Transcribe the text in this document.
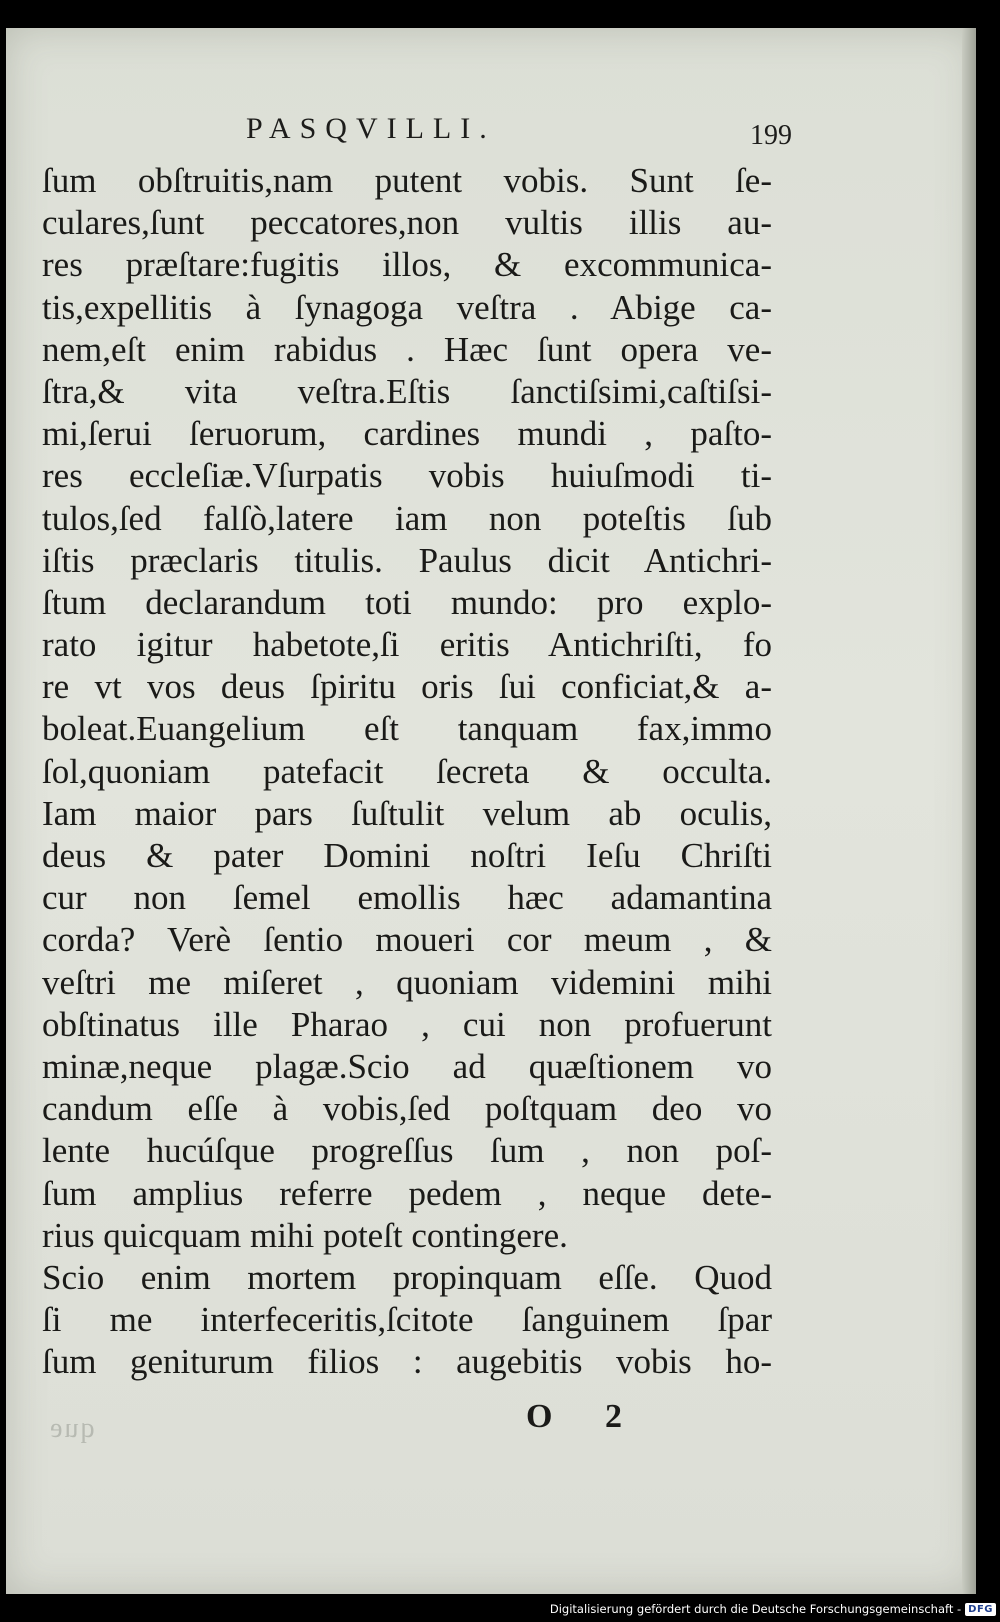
PASQVILLI.	199
ſum obſtruitis,nam putent vobis. Sunt ſe-
culares,ſunt peccatores,non vultis illis au-
res præſtare:fugitis illos, & excommunica-
tis,expellitis à ſynagoga veſtra . Abige ca-
nem,eſt enim rabidus . Hæc ſunt opera ve-
ſtra,& vita veſtra.Eſtis ſanctiſsimi,caſtiſsi-
mi,ſerui ſeruorum, cardines mundi , paſto-
res eccleſiæ.Vſurpatis vobis huiuſmodi ti-
tulos,ſed falſò,latere iam non poteſtis ſub
iſtis præclaris titulis. Paulus dicit Antichri-
ſtum declarandum toti mundo: pro explo-
rato igitur habetote,ſi eritis Antichriſti, fo
re vt vos deus ſpiritu oris ſui conficiat,& a-
boleat.Euangelium eſt tanquam fax,immo
ſol,quoniam patefacit ſecreta & occulta.
Iam maior pars ſuſtulit velum ab oculis,
deus & pater Domini noſtri Ieſu Chriſti
cur non ſemel emollis hæc adamantina
corda? Verè ſentio moueri cor meum , &
veſtri me miſeret , quoniam videmini mihi
obſtinatus ille Pharao , cui non profuerunt
minæ,neque plagæ.Scio ad quæſtionem vo
candum eſſe à vobis,ſed poſtquam deo vo
lente hucúſque progreſſus ſum , non poſ-
ſum amplius referre pedem , neque dete-
rius quicquam mihi poteſt contingere.
Scio enim mortem propinquam eſſe. Quod
ſi me interfeceritis,ſcitote ſanguinem ſpar
ſum geniturum filios : augebitis vobis ho-
que	O 2
Digitalisierung gefördert durch die Deutsche Forschungsgemeinschaft - DFG
